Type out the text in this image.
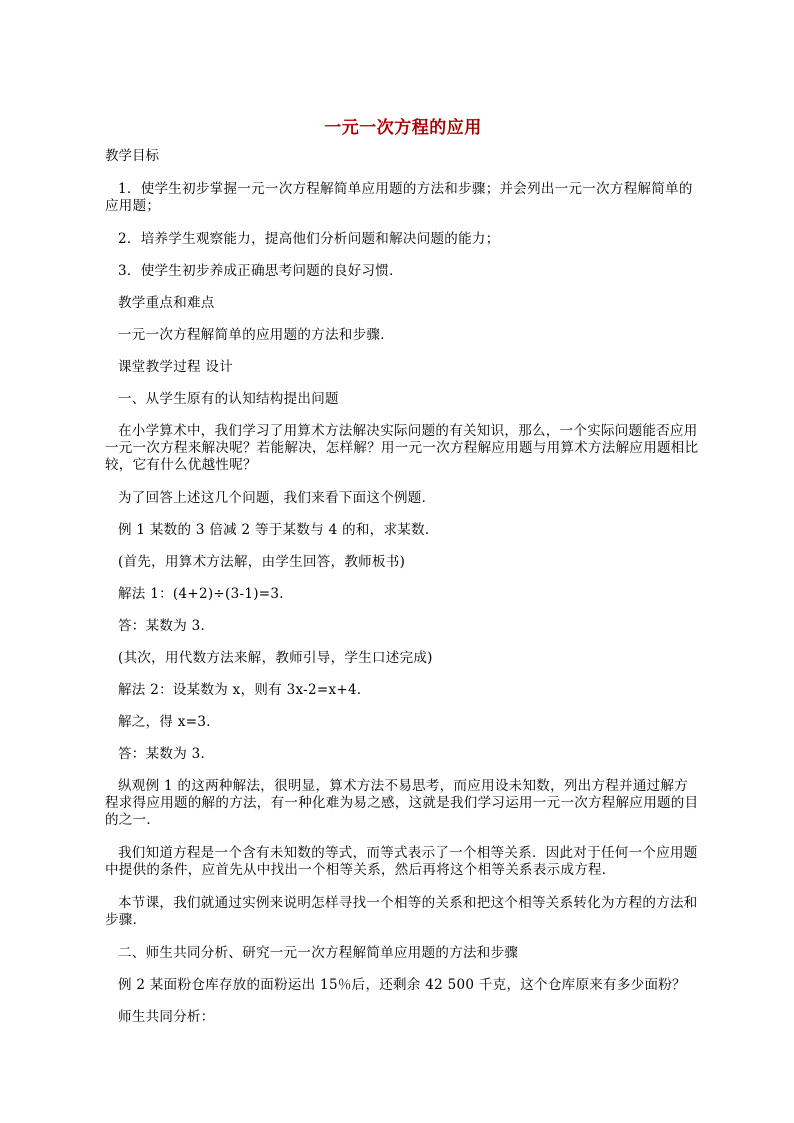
一元一次方程的应用
教学目标
1．使学生初步掌握一元一次方程解简单应用题的方法和步骤；并会列出一元一次方程解简单的应用题；
2．培养学生观察能力，提高他们分析问题和解决问题的能力；
3．使学生初步养成正确思考问题的良好习惯．
教学重点和难点
一元一次方程解简单的应用题的方法和步骤．
课堂教学过程 设计
一、从学生原有的认知结构提出问题
在小学算术中，我们学习了用算术方法解决实际问题的有关知识，那么，一个实际问题能否应用一元一次方程来解决呢？若能解决，怎样解？用一元一次方程解应用题与用算术方法解应用题相比较，它有什么优越性呢？
为了回答上述这几个问题，我们来看下面这个例题．
例 1 某数的 3 倍减 2 等于某数与 4 的和，求某数．
(首先，用算术方法解，由学生回答，教师板书)
解法 1：(4+2)÷(3-1)=3.
答：某数为 3．
(其次，用代数方法来解，教师引导，学生口述完成)
解法 2：设某数为 x，则有 3x-2=x+4．
解之，得 x=3．
答：某数为 3．
纵观例 1 的这两种解法，很明显，算术方法不易思考，而应用设未知数，列出方程并通过解方程求得应用题的解的方法，有一种化难为易之感，这就是我们学习运用一元一次方程解应用题的目的之一．
我们知道方程是一个含有未知数的等式，而等式表示了一个相等关系．因此对于任何一个应用题中提供的条件，应首先从中找出一个相等关系，然后再将这个相等关系表示成方程．
本节课，我们就通过实例来说明怎样寻找一个相等的关系和把这个相等关系转化为方程的方法和步骤．
二、师生共同分析、研究一元一次方程解简单应用题的方法和步骤
例 2 某面粉仓库存放的面粉运出 15％后，还剩余 42 500 千克，这个仓库原来有多少面粉？
师生共同分析：
